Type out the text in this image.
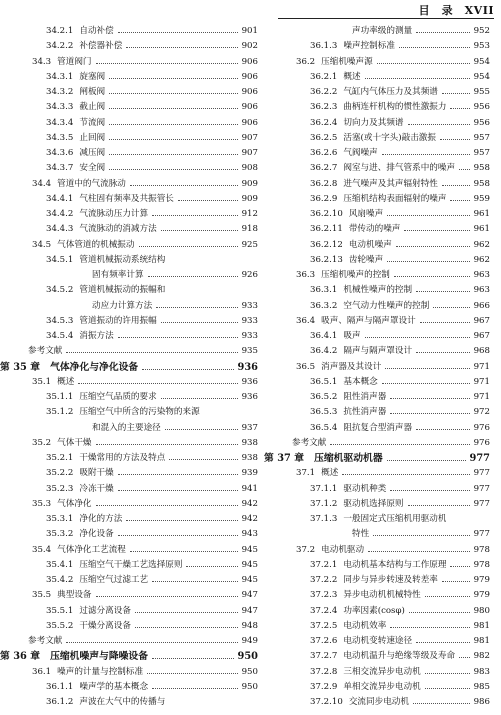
目　录　XVII
34.2.1 自动补偿	901
34.2.2 补偿器补偿	902
34.3 管道阀门	906
34.3.1 旋塞阀	906
34.3.2 闸板阀	906
34.3.3 截止阀	906
34.3.4 节流阀	906
34.3.5 止回阀	907
34.3.6 减压阀	907
34.3.7 安全阀	908
34.4 管道中的气流脉动	909
34.4.1 气柱固有频率及共振管长	909
34.4.2 气流脉动压力计算	912
34.4.3 气流脉动的消减方法	918
34.5 气体管道的机械振动	925
34.5.1 管道机械振动系统结构
固有频率计算	926
34.5.2 管道机械振动的振幅和
动应力计算方法	933
34.5.3 管道振动的许用振幅	933
34.5.4 消振方法	933
参考文献	935
第 35 章 气体净化与净化设备	936
35.1 概述	936
35.1.1 压缩空气品质的要求	936
35.1.2 压缩空气中所含的污染物的来源
和混入的主要途径	937
35.2 气体干燥	938
35.2.1 干燥常用的方法及特点	938
35.2.2 吸附干燥	939
35.2.3 冷冻干燥	941
35.3 气体净化	942
35.3.1 净化的方法	942
35.3.2 净化设备	943
35.4 气体净化工艺流程	945
35.4.1 压缩空气干燥工艺选择原则	945
35.4.2 压缩空气过滤工艺	945
35.5 典型设备	947
35.5.1 过滤分离设备	947
35.5.2 干燥分离设备	948
参考文献	949
第 36 章 压缩机噪声与降噪设备	950
36.1 噪声的计量与控制标准	950
36.1.1 噪声学的基本概念	950
36.1.2 声波在大气中的传播与
声功率级的测量	952
36.1.3 噪声控制标准	953
36.2 压缩机噪声源	954
36.2.1 概述	954
36.2.2 气缸内气体压力及其频谱	955
36.2.3 曲柄连杆机构的惯性激振力	956
36.2.4 切向力及其频谱	956
36.2.5 活塞(或十字头)敲击激振	957
36.2.6 气阀噪声	957
36.2.7 阀室与进、排气管系中的噪声 958
36.2.8 进气噪声及其声辐射特性	958
36.2.9 压缩机结构表面辐射的噪声	959
36.2.10 风扇噪声	961
36.2.11 带传动的噪声	961
36.2.12 电动机噪声	962
36.2.13 齿轮噪声	962
36.3 压缩机噪声的控制	963
36.3.1 机械性噪声的控制	963
36.3.2 空气动力性噪声的控制	966
36.4 吸声、隔声与隔声罩设计	967
36.4.1 吸声	967
36.4.2 隔声与隔声罩设计	968
36.5 消声器及其设计	971
36.5.1 基本概念	971
36.5.2 阻性消声器	971
36.5.3 抗性消声器	972
36.5.4 阻抗复合型消声器	976
参考文献	976
第 37 章 压缩机驱动机器	977
37.1 概述	977
37.1.1 驱动机种类	977
37.1.2 驱动机选择原则	977
37.1.3 一般固定式压缩机用驱动机
特性	977
37.2 电动机驱动	978
37.2.1 电动机基本结构与工作原理	978
37.2.2 同步与异步转速及转差率	979
37.2.3 异步电动机机械特性	979
37.2.4 功率因素(cosφ)	980
37.2.5 电动机效率	981
37.2.6 电动机变转速途径	981
37.2.7 电动机温升与绝缘等级及寿命 982
37.2.8 三相交流异步电动机	983
37.2.9 单相交流异步电动机	985
37.2.10 交流同步电动机	986
